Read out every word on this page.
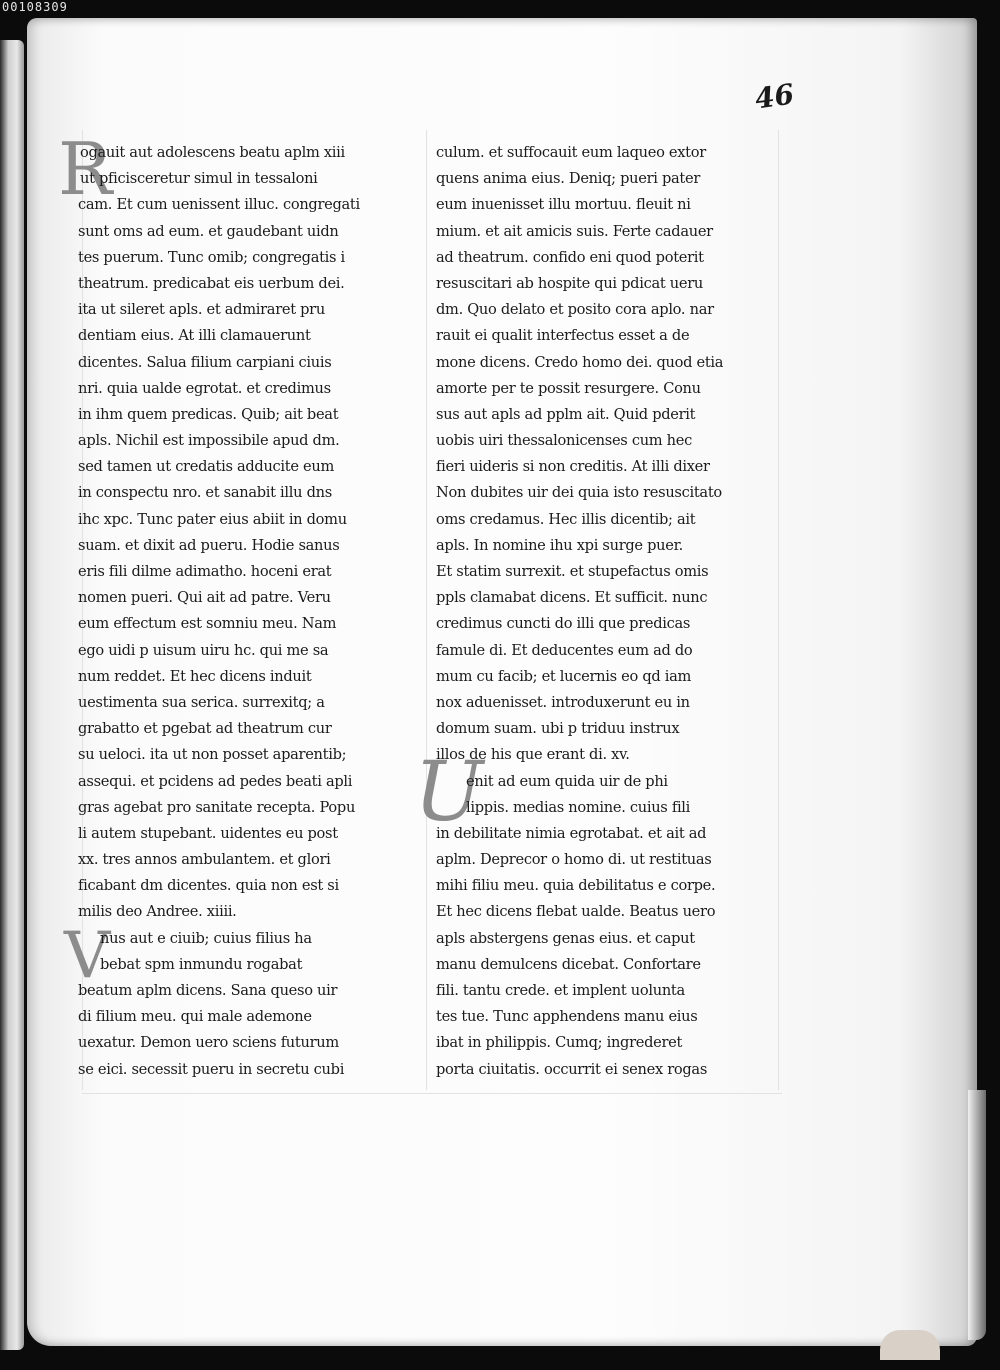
00108309
46
R
V
U
ogauit aut adolescens beatu aplm xiii
ut pficisceretur simul in tessaloni
cam. Et cum uenissent illuc. congregati
sunt oms ad eum. et gaudebant uidn
tes puerum. Tunc omib; congregatis i
theatrum. predicabat eis uerbum dei.
ita ut sileret apls. et admiraret pru
dentiam eius. At illi clamauerunt
dicentes. Salua filium carpiani ciuis
nri. quia ualde egrotat. et credimus
in ihm quem predicas. Quib; ait beat
apls. Nichil est impossibile apud dm.
sed tamen ut credatis adducite eum
in conspectu nro. et sanabit illu dns
ihc xpc. Tunc pater eius abiit in domu
suam. et dixit ad pueru. Hodie sanus
eris fili dilme adimatho. hoceni erat
nomen pueri. Qui ait ad patre. Veru
eum effectum est somniu meu. Nam
ego uidi p uisum uiru hc. qui me sa
num reddet. Et hec dicens induit
uestimenta sua serica. surrexitq; a
grabatto et pgebat ad theatrum cur
su ueloci. ita ut non posset aparentib;
assequi. et pcidens ad pedes beati apli
gras agebat pro sanitate recepta. Popu
li autem stupebant. uidentes eu post
xx. tres annos ambulantem. et glori
ficabant dm dicentes. quia non est si
milis deo Andree. xiiii.
nus aut e ciuib; cuius filius ha
bebat spm inmundu rogabat
beatum aplm dicens. Sana queso uir
di filium meu. qui male ademone
uexatur. Demon uero sciens futurum
se eici. secessit pueru in secretu cubi
culum. et suffocauit eum laqueo extor
quens anima eius. Deniq; pueri pater
eum inuenisset illu mortuu. fleuit ni
mium. et ait amicis suis. Ferte cadauer
ad theatrum. confido eni quod poterit
resuscitari ab hospite qui pdicat ueru
dm. Quo delato et posito cora aplo. nar
rauit ei qualit interfectus esset a de
mone dicens. Credo homo dei. quod etia
amorte per te possit resurgere. Conu
sus aut apls ad pplm ait. Quid pderit
uobis uiri thessalonicenses cum hec
fieri uideris si non creditis. At illi dixer
Non dubites uir dei quia isto resuscitato
oms credamus. Hec illis dicentib; ait
apls. In nomine ihu xpi surge puer.
Et statim surrexit. et stupefactus omis
ppls clamabat dicens. Et sufficit. nunc
credimus cuncti do illi que predicas
famule di. Et deducentes eum ad do
mum cu facib; et lucernis eo qd iam
nox aduenisset. introduxerunt eu in
domum suam. ubi p triduu instrux
illos de his que erant di. xv.
enit ad eum quida uir de phi
lippis. medias nomine. cuius fili
in debilitate nimia egrotabat. et ait ad
aplm. Deprecor o homo di. ut restituas
mihi filiu meu. quia debilitatus e corpe.
Et hec dicens flebat ualde. Beatus uero
apls abstergens genas eius. et caput
manu demulcens dicebat. Confortare
fili. tantu crede. et implent uolunta
tes tue. Tunc apphendens manu eius
ibat in philippis. Cumq; ingrederet
porta ciuitatis. occurrit ei senex rogas
